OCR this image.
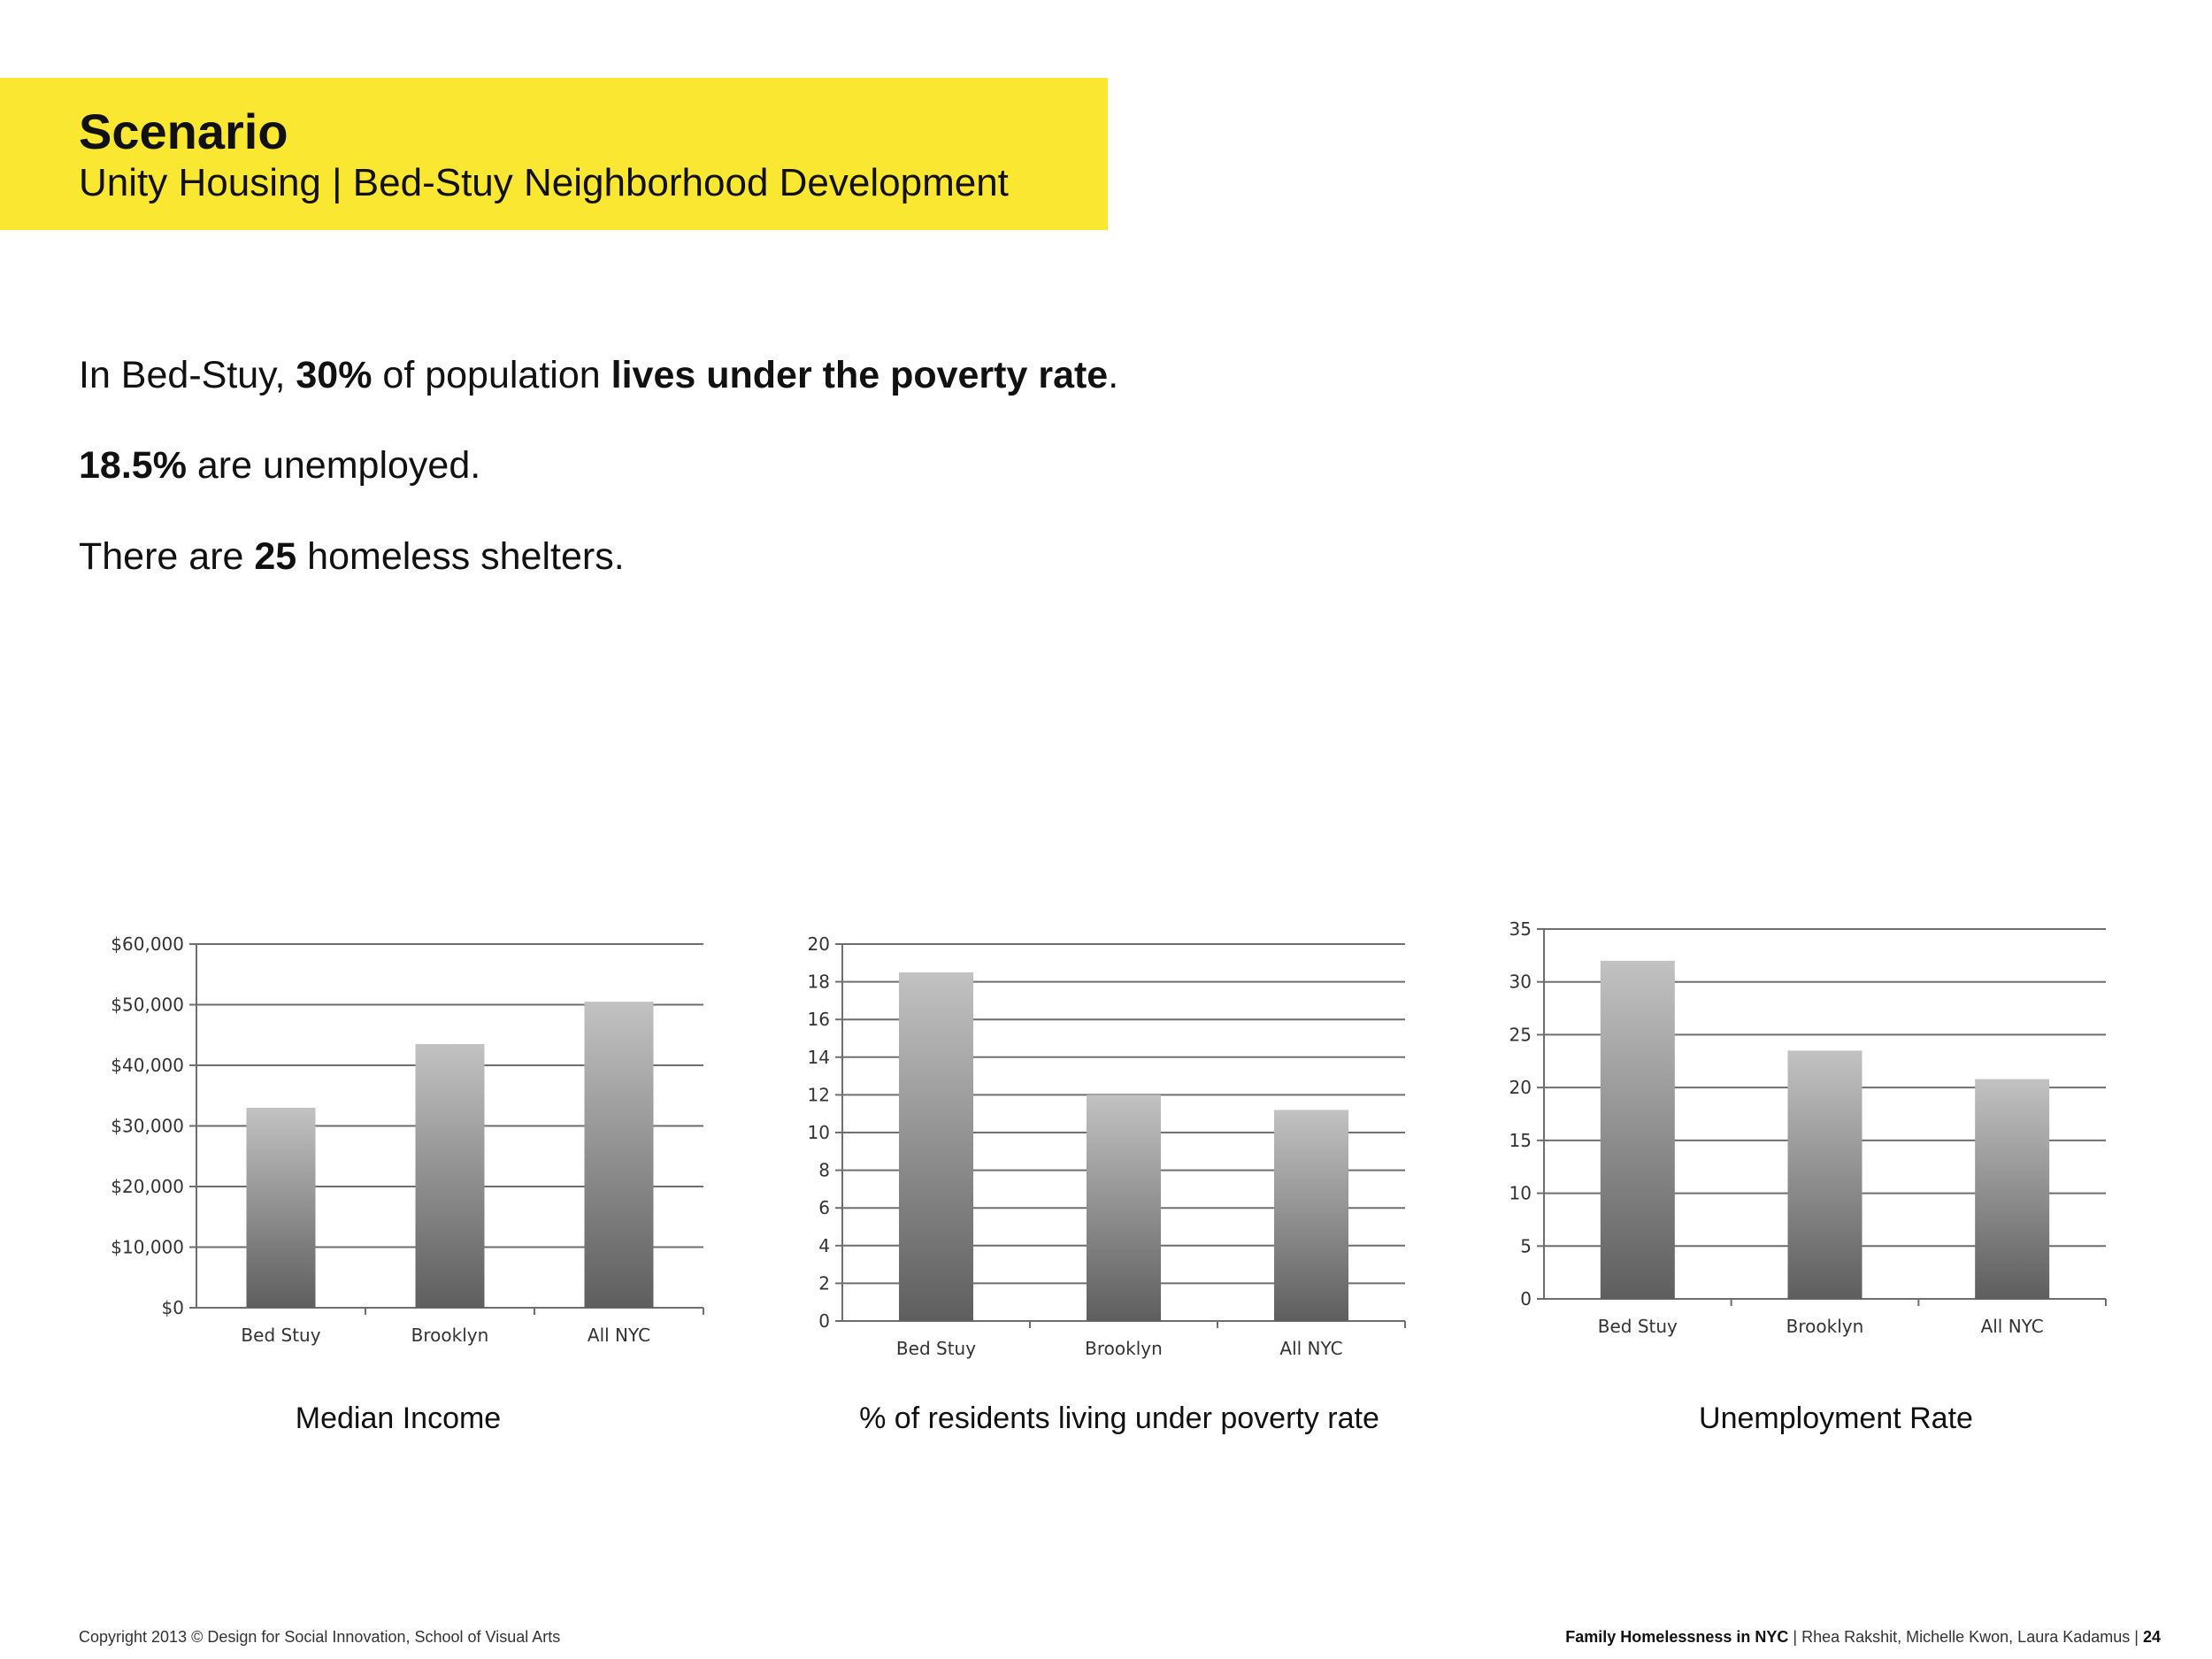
Scenario
Unity Housing | Bed-Stuy Neighborhood Development
In Bed-Stuy, 30% of population lives under the poverty rate.
18.5% are unemployed.
There are 25 homeless shelters.
$0
$10,000
$20,000
$30,000
$40,000
$50,000
$60,000
Bed Stuy	Brooklyn	All NYC
0
2
4
6
8
10
12
14
16
18
20
Bed Stuy	Brooklyn	All NYC
0
5
10
15
20
25
30
35
Bed Stuy	Brooklyn	All NYC
Median Income	% of residents living under poverty rate	Unemployment Rate
Copyright 2013 © Design for Social Innovation, School of Visual Arts	Family Homelessness in NYC | Rhea Rakshit, Michelle Kwon, Laura Kadamus | 24
